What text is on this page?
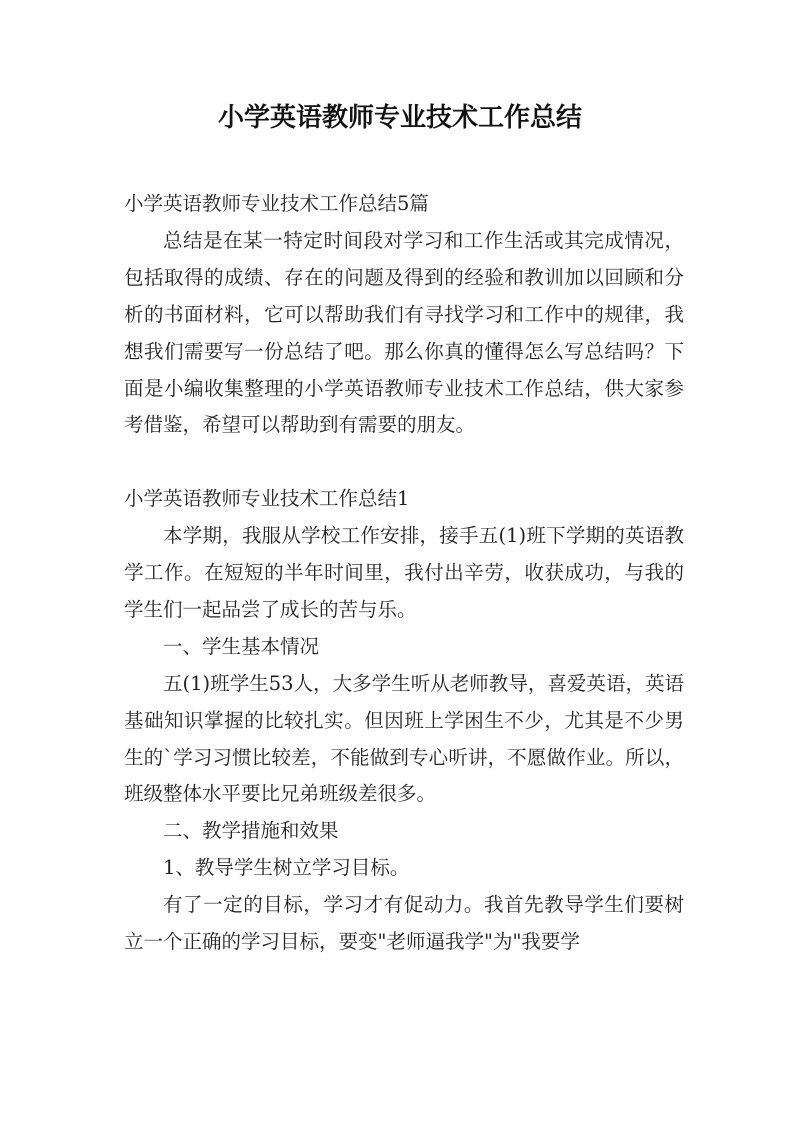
小学英语教师专业技术工作总结

小学英语教师专业技术工作总结5篇

总结是在某一特定时间段对学习和工作生活或其完成情况，包括取得的成绩、存在的问题及得到的经验和教训加以回顾和分析的书面材料，它可以帮助我们有寻找学习和工作中的规律，我想我们需要写一份总结了吧。那么你真的懂得怎么写总结吗？下面是小编收集整理的小学英语教师专业技术工作总结，供大家参考借鉴，希望可以帮助到有需要的朋友。

小学英语教师专业技术工作总结1

本学期，我服从学校工作安排，接手五(1)班下学期的英语教学工作。在短短的半年时间里，我付出辛劳，收获成功，与我的学生们一起品尝了成长的苦与乐。

一、学生基本情况

五(1)班学生53人，大多学生听从老师教导，喜爱英语，英语基础知识掌握的比较扎实。但因班上学困生不少，尤其是不少男生的`学习习惯比较差，不能做到专心听讲，不愿做作业。所以，班级整体水平要比兄弟班级差很多。

二、教学措施和效果

1、教导学生树立学习目标。

有了一定的目标，学习才有促动力。我首先教导学生们要树立一个正确的学习目标，要变"老师逼我学"为"我要学
